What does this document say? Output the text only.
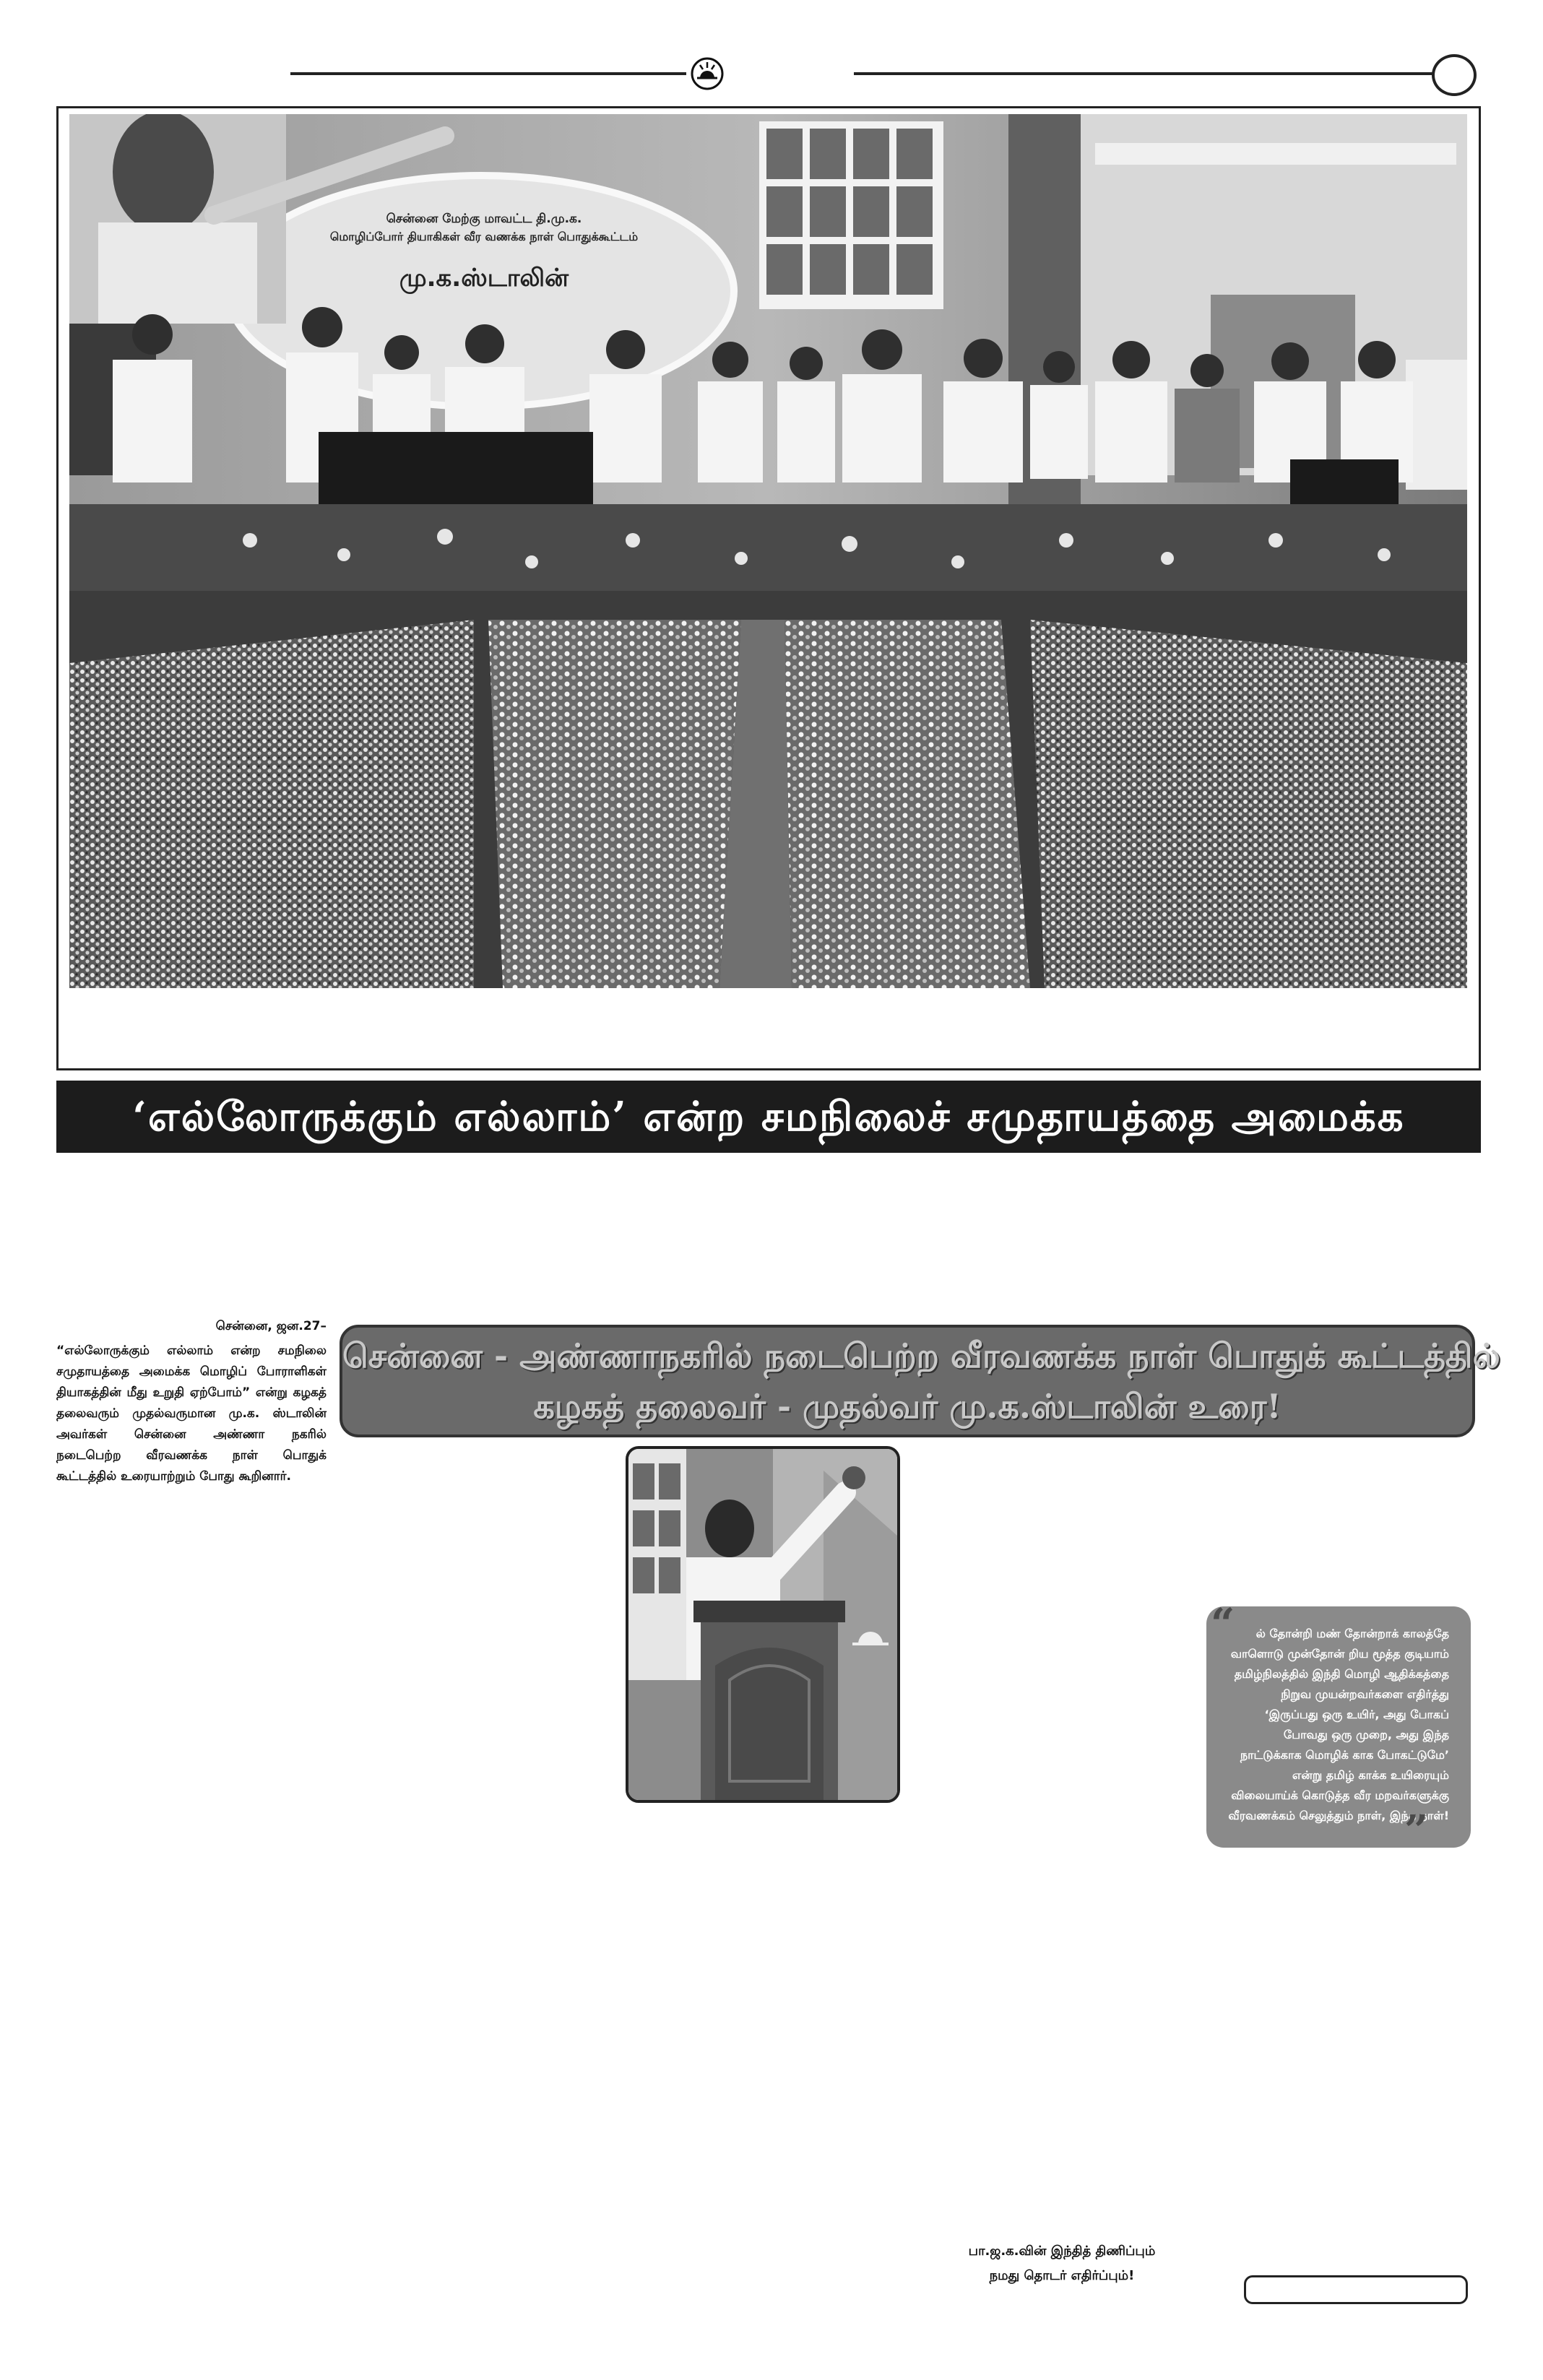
சென்னை மேற்கு மாவட்ட தி.மு.க.
மொழிப்போர் தியாகிகள் வீர வணக்க நாள் பொதுக்கூட்டம்
மு.க.ஸ்டாலின்
‘எல்லோருக்கும் எல்லாம்’ என்ற சமநிலைச் சமுதாயத்தை அமைக்க
சென்னை, ஜன.27–
“எல்லோருக்கும் எல்லாம் என்ற சமநிலை சமுதாயத்தை அமைக்க மொழிப் போராளிகள் தியாகத்தின் மீது உறுதி ஏற்போம்” என்று கழகத் தலைவரும் முதல்வருமான மு.க. ஸ்டாலின் அவர்கள் சென்னை அண்ணா நகரில் நடைபெற்ற வீரவணக்க நாள் பொதுக் கூட்டத்தில் உரையாற்றும் போது கூறினார்.
சென்னை - அண்ணாநகரில் நடைபெற்ற வீரவணக்க நாள் பொதுக் கூட்டத்தில்
கழகத் தலைவர் - முதல்வர் மு.க.ஸ்டாலின் உரை!
ல் தோன்றி மண் தோன்றாக் காலத்தே வாளொடு முன்தோன் றிய மூத்த குடியாம் தமிழ்நிலத்தில் இந்தி மொழி ஆதிக்கத்தை நிறுவ முயன்றவர்களை எதிர்த்து ‘இருப்பது ஒரு உயிர், அது போகப் போவது ஒரு முறை, அது இந்த நாட்டுக்காக மொழிக் காக போகட்டுமே’ என்று தமிழ் காக்க உயிரையும் விலையாய்க் கொடுத்த வீர மறவர்களுக்கு வீரவணக்கம் செலுத்தும் நாள், இந்த நாள்!
“
”
பா.ஜ.க.வின் இந்தித் திணிப்பும்
நமது தொடர் எதிர்ப்பும்!
